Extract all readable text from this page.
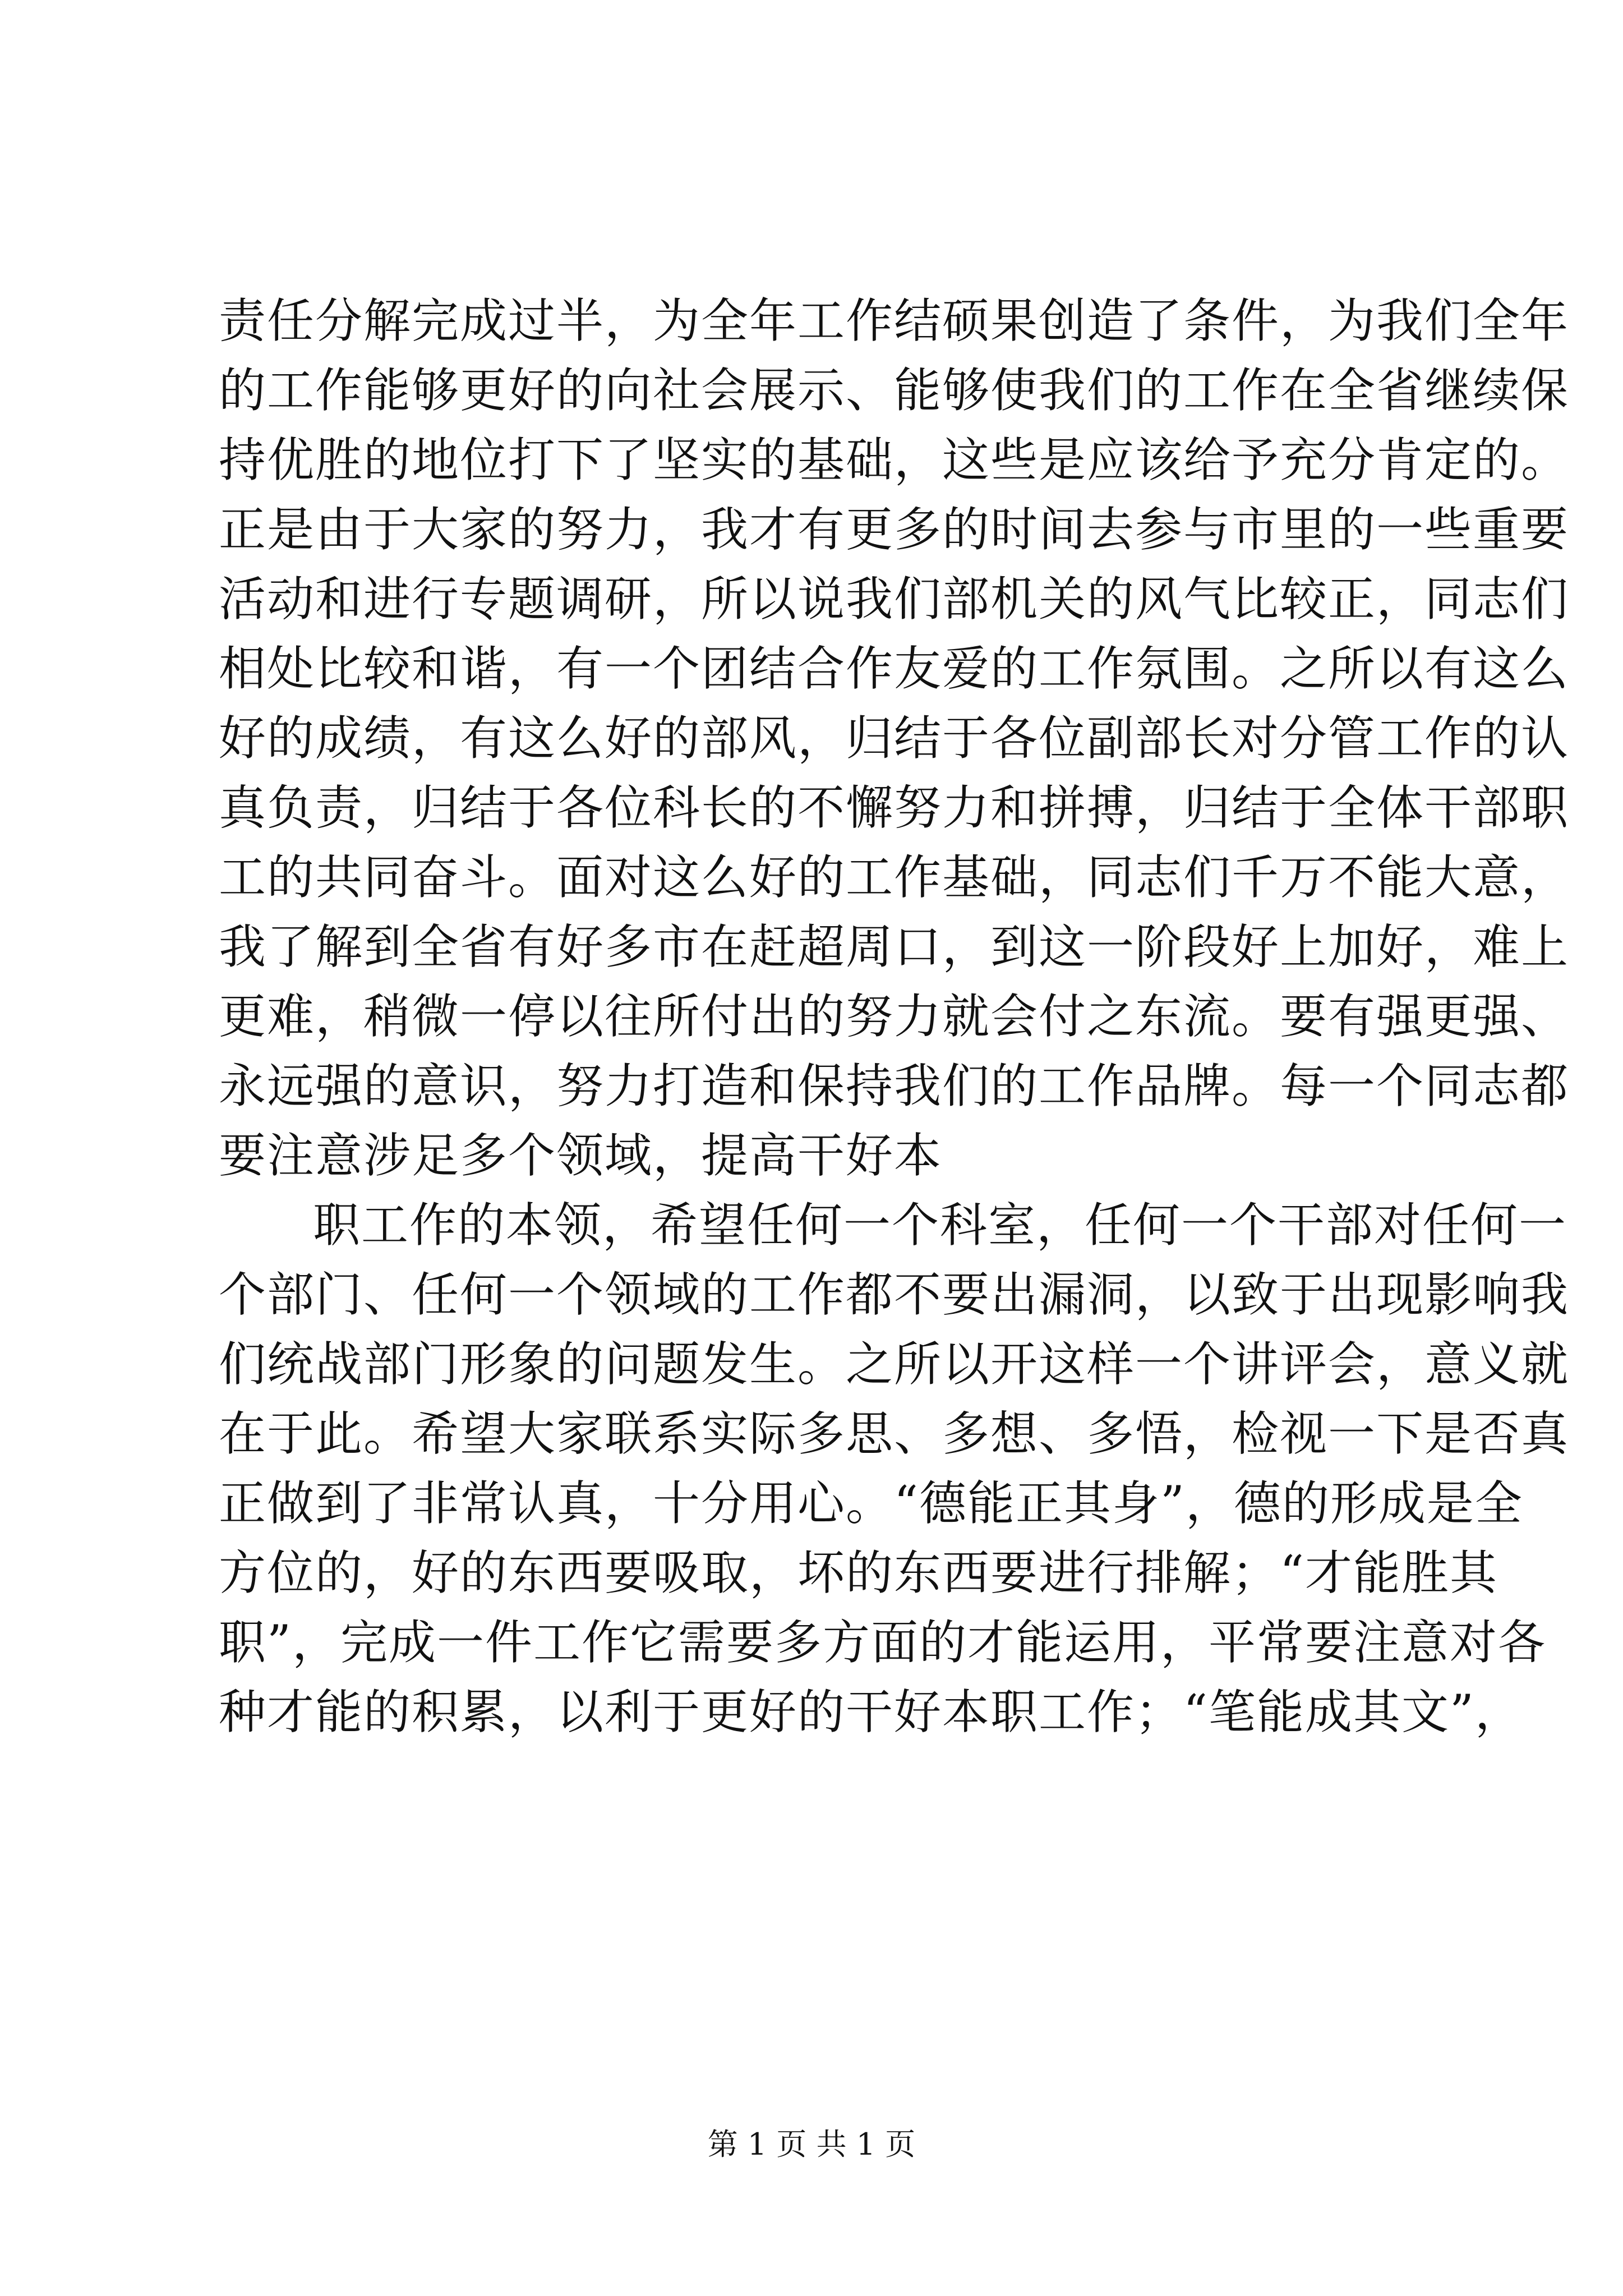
责任分解完成过半，为全年工作结硕果创造了条件，为我们全年
的工作能够更好的向社会展示、能够使我们的工作在全省继续保
持优胜的地位打下了坚实的基础，这些是应该给予充分肯定的。
正是由于大家的努力，我才有更多的时间去参与市里的一些重要
活动和进行专题调研，所以说我们部机关的风气比较正，同志们
相处比较和谐，有一个团结合作友爱的工作氛围。之所以有这么
好的成绩，有这么好的部风，归结于各位副部长对分管工作的认
真负责，归结于各位科长的不懈努力和拼搏，归结于全体干部职
工的共同奋斗。面对这么好的工作基础，同志们千万不能大意，
我了解到全省有好多市在赶超周口，到这一阶段好上加好，难上
更难，稍微一停以往所付出的努力就会付之东流。要有强更强、
永远强的意识，努力打造和保持我们的工作品牌。每一个同志都
要注意涉足多个领域，提高干好本
职工作的本领，希望任何一个科室，任何一个干部对任何一
个部门、任何一个领域的工作都不要出漏洞，以致于出现影响我
们统战部门形象的问题发生。之所以开这样一个讲评会，意义就
在于此。希望大家联系实际多思、多想、多悟，检视一下是否真
正做到了非常认真，十分用心。“德能正其身”，德的形成是全
方位的，好的东西要吸取，坏的东西要进行排解；“才能胜其
职”，完成一件工作它需要多方面的才能运用，平常要注意对各
种才能的积累，以利于更好的干好本职工作；“笔能成其文”，
第 1 页 共 1 页
